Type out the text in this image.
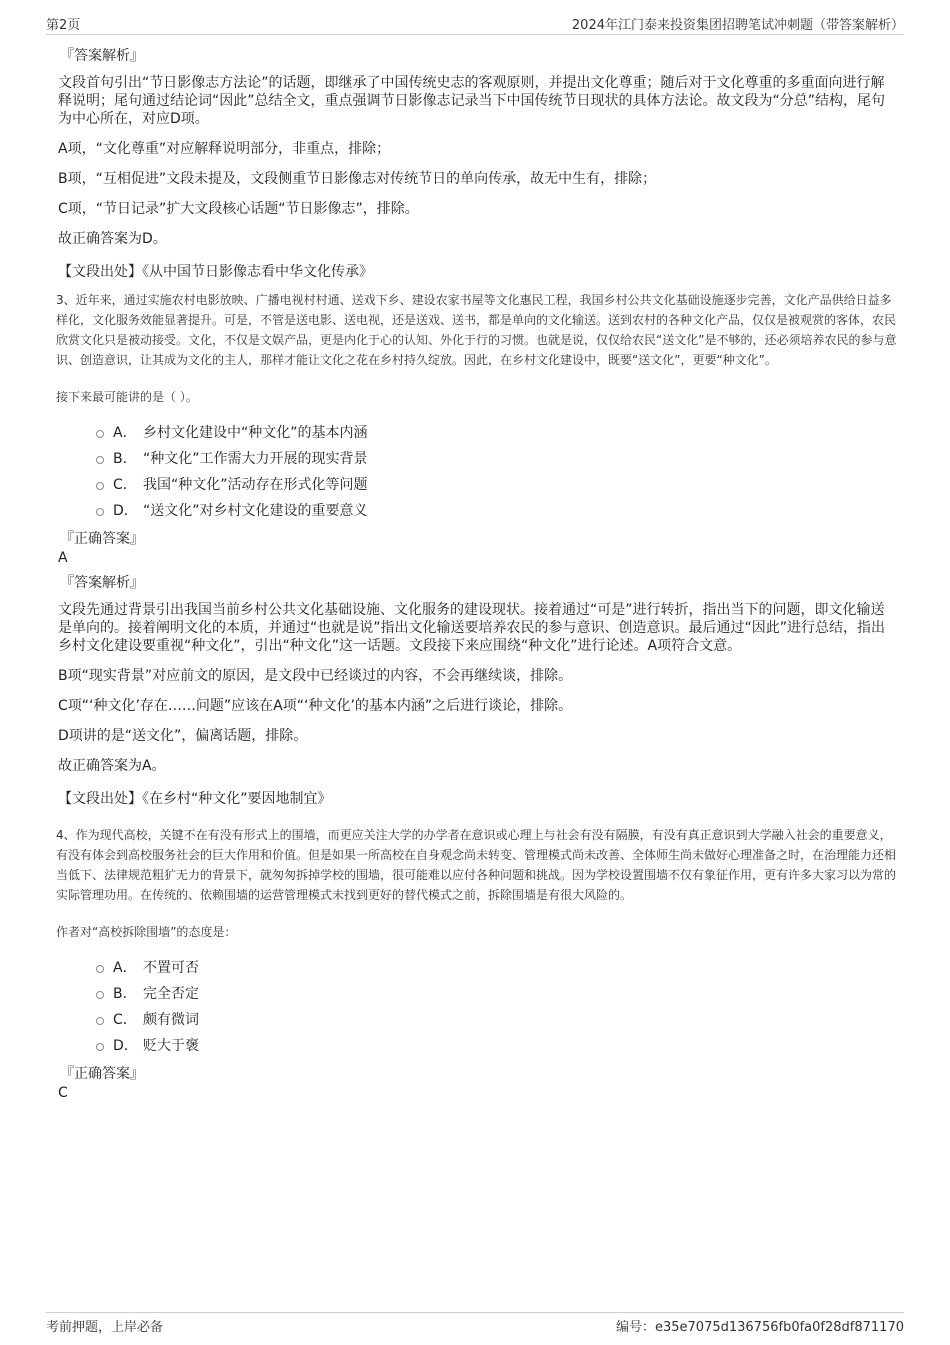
第2页	2024年江门泰来投资集团招聘笔试冲刺题（带答案解析）
『答案解析』
文段首句引出“节日影像志方法论”的话题，即继承了中国传统史志的客观原则，并提出文化尊重；随后对于文化尊重的多重面向进行解释说明；尾句通过结论词“因此”总结全文，重点强调节日影像志记录当下中国传统节日现状的具体方法论。故文段为“分总”结构，尾句为中心所在，对应D项。
A项，“文化尊重”对应解释说明部分，非重点，排除；
B项，“互相促进”文段未提及，文段侧重节日影像志对传统节日的单向传承，故无中生有，排除；
C项，“节日记录”扩大文段核心话题“节日影像志”，排除。
故正确答案为D。
【文段出处】《从中国节日影像志看中华文化传承》
3、近年来，通过实施农村电影放映、广播电视村村通、送戏下乡、建设农家书屋等文化惠民工程，我国乡村公共文化基础设施逐步完善，文化产品供给日益多样化，文化服务效能显著提升。可是，不管是送电影、送电视，还是送戏、送书，都是单向的文化输送。送到农村的各种文化产品，仅仅是被观赏的客体，农民欣赏文化只是被动接受。文化，不仅是文娱产品，更是内化于心的认知、外化于行的习惯。也就是说，仅仅给农民“送文化”是不够的，还必须培养农民的参与意识、创造意识，让其成为文化的主人，那样才能让文化之花在乡村持久绽放。因此，在乡村文化建设中，既要“送文化”，更要“种文化”。
接下来最可能讲的是（ ）。
A． 乡村文化建设中“种文化”的基本内涵
B． “种文化”工作需大力开展的现实背景
C． 我国“种文化”活动存在形式化等问题
D． “送文化”对乡村文化建设的重要意义
『正确答案』
A
『答案解析』
文段先通过背景引出我国当前乡村公共文化基础设施、文化服务的建设现状。接着通过“可是”进行转折，指出当下的问题，即文化输送是单向的。接着阐明文化的本质，并通过“也就是说”指出文化输送要培养农民的参与意识、创造意识。最后通过“因此”进行总结，指出乡村文化建设要重视“种文化”，引出“种文化”这一话题。文段接下来应围绕“种文化”进行论述。A项符合文意。
B项“现实背景”对应前文的原因，是文段中已经谈过的内容，不会再继续谈，排除。
C项“‘种文化’存在……问题”应该在A项“‘种文化’的基本内涵”之后进行谈论，排除。
D项讲的是“送文化”，偏离话题，排除。
故正确答案为A。
【文段出处】《在乡村“种文化”要因地制宜》
4、作为现代高校，关键不在有没有形式上的围墙，而更应关注大学的办学者在意识或心理上与社会有没有隔膜，有没有真正意识到大学融入社会的重要意义，有没有体会到高校服务社会的巨大作用和价值。但是如果一所高校在自身观念尚未转变、管理模式尚未改善、全体师生尚未做好心理准备之时，在治理能力还相当低下、法律规范粗犷无力的背景下，就匆匆拆掉学校的围墙，很可能难以应付各种问题和挑战。因为学校设置围墙不仅有象征作用，更有许多大家习以为常的实际管理功用。在传统的、依赖围墙的运营管理模式未找到更好的替代模式之前，拆除围墙是有很大风险的。
作者对“高校拆除围墙”的态度是：
A． 不置可否
B． 完全否定
C． 颇有微词
D． 贬大于褒
『正确答案』
C
考前押题，上岸必备	编号：e35e7075d136756fb0fa0f28df871170
